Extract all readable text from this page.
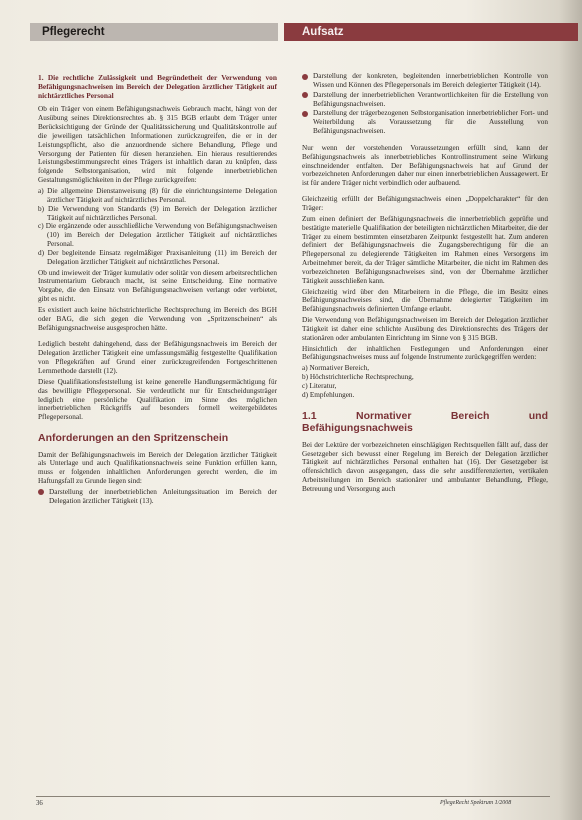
Pflegerecht	Aufsatz

1. Die rechtliche Zulässigkeit und Begründetheit der Verwendung von Befähigungsnachweisen im Bereich der Delegation ärztlicher Tätigkeit auf nichtärztliches Personal

Ob ein Träger von einem Befähigungsnachweis Gebrauch macht, hängt von der Ausübung seines Direktionsrechtes ab. § 315 BGB erlaubt dem Träger unter Berücksichtigung der Gründe der Qualitätssicherung und Qualitätskontrolle auf die jeweiligen tatsächlichen Informationen zurückzugreifen, die er in der Leistungspflicht, also die anzuordnende sichere Behandlung, Pflege und Versorgung der Patienten für diesen heranziehen. Ein hieraus resultierendes Leistungsbestimmungsrecht eines Trägers ist inhaltlich daran zu knüpfen, dass folgende Selbstorganisation, wird mit folgende innerbetrieblichen Gestaltungsmöglichkeiten in der Pflege zurückgreifen:

a) Die allgemeine Dienstanweisung (8) für die einrichtungsinterne Delegation ärztlicher Tätigkeit auf nichtärztliches Personal.
b) Die Verwendung von Standards (9) im Bereich der Delegation ärztlicher Tätigkeit auf nichtärztliches Personal.
c) Die ergänzende oder ausschließliche Verwendung von Befähigungsnachweisen (10) im Bereich der Delegation ärztlicher Tätigkeit auf nichtärztliches Personal.
d) Der begleitende Einsatz regelmäßiger Praxisanleitung (11) im Bereich der Delegation ärztlicher Tätigkeit auf nichtärztliches Personal.

Ob und inwieweit der Träger kumulativ oder solitär von diesem arbeitsrechtlichen Instrumentarium Gebrauch macht, ist seine Entscheidung. Eine normative Vorgabe, die den Einsatz von Befähigungsnachweisen verlangt oder verbietet, gibt es nicht.

Es existiert auch keine höchstrichterliche Rechtsprechung im Bereich des BGH oder BAG, die sich gegen die Verwendung von „Spritzenscheinen“ als Befähigungsnachweise ausgesprochen hätte.

Lediglich besteht dahingehend, dass der Befähigungsnachweis im Bereich der Delegation ärztlicher Tätigkeit eine umfassungsmäßig festgestellte Qualifikation von Pflegekräften auf Grund einer zurückzugreifenden Fortgeschrittenen Lernmethode darstellt (12).

Diese Qualifikationsfeststellung ist keine generelle Handlungsermächtigung für das bewilligte Pflegepersonal. Sie verdeutlicht nur für Entscheidungsträger lediglich eine persönliche Qualifikation im Sinne des möglichen innerbetrieblichen Rückgriffs auf besonders formell weitergebildetes Pflegepersonal.

Anforderungen an den Spritzenschein

Damit der Befähigungsnachweis im Bereich der Delegation ärztlicher Tätigkeit als Unterlage und auch Qualifikationsnachweis seine Funktion erfüllen kann, muss er folgenden inhaltlichen Anforderungen gerecht werden, die im Haftungsfall zu Grunde liegen sind:

Darstellung der innerbetrieblichen Anleitungssituation im Bereich der Delegation ärztlicher Tätigkeit (13).
Darstellung der konkreten, begleitenden innerbetrieblichen Kontrolle von Wissen und Können des Pflegepersonals im Bereich delegierter Tätigkeit (14).
Darstellung der innerbetrieblichen Verantwortlichkeiten für die Erstellung von Befähigungsnachweisen.
Darstellung der trägerbezogenen Selbstorganisation innerbetrieblicher Fort- und Weiterbildung als Voraussetzung für die Ausstellung von Befähigungsnachweisen.

Nur wenn der vorstehenden Voraussetzungen erfüllt sind, kann der Befähigungsnachweis als innerbetriebliches Kontrollinstrument seine Wirkung einschneidender entfalten. Der Befähigungsnachweis hat auf Grund der vorbezeichneten Anforderungen daher nur einen innerbetrieblichen Aussagewert. Er ist für andere Träger nicht verbindlich oder aufbauend.

Gleichzeitig erfüllt der Befähigungsnachweis einen „Doppelcharakter“ für den Träger:

Zum einen definiert der Befähigungsnachweis die innerbetrieblich geprüfte und bestätigte materielle Qualifikation der beteiligten nichtärztlichen Mitarbeiter, die der Träger zu einem bestimmten einsetzbaren Zeitpunkt festgestellt hat. Zum anderen definiert der Befähigungsnachweis die Zugangsberechtigung für die an Pflegepersonal zu delegierende Tätigkeiten im Rahmen eines Versorgens im Arbeitnehmer bereit, da der Träger sämtliche Mitarbeiter, die nicht im Rahmen des vorbezeichneten Befähigungsnachweises sind, von der Übernahme ärztlicher Tätigkeit ausschließen kann.

Gleichzeitig wird über den Mitarbeitern in die Pflege, die im Besitz eines Befähigungsnachweises sind, die Übernahme delegierter Tätigkeiten im Befähigungsnachweis definierten Umfange erlaubt.

Die Verwendung von Befähigungsnachweisen im Bereich der Delegation ärztlicher Tätigkeit ist daher eine schlichte Ausübung des Direktionsrechts des Trägers der stationären oder ambulanten Einrichtung im Sinne von § 315 BGB.

Hinsichtlich der inhaltlichen Festlegungen und Anforderungen einer Befähigungsnachweises muss auf folgende Instrumente zurückgegriffen werden:

a) Normativer Bereich,
b) Höchstrichterliche Rechtsprechung,
c) Literatur,
d) Empfehlungen.
1.1 Normativer Bereich und Befähigungsnachweis

Bei der Lektüre der vorbezeichneten einschlägigen Rechtsquellen fällt auf, dass der Gesetzgeber sich bewusst einer Regelung im Bereich der Delegation ärztlicher Tätigkeit auf nichtärztliches Personal enthalten hat (16). Der Gesetzgeber ist offensichtlich davon ausgegangen, dass die sehr ausdifferenzierten, vertikalen Arbeitsteilungen im Bereich stationärer und ambulanter Behandlung, Pflege, Betreuung und Versorgung auch

36	PflegeRecht Spektrum 1/2008
